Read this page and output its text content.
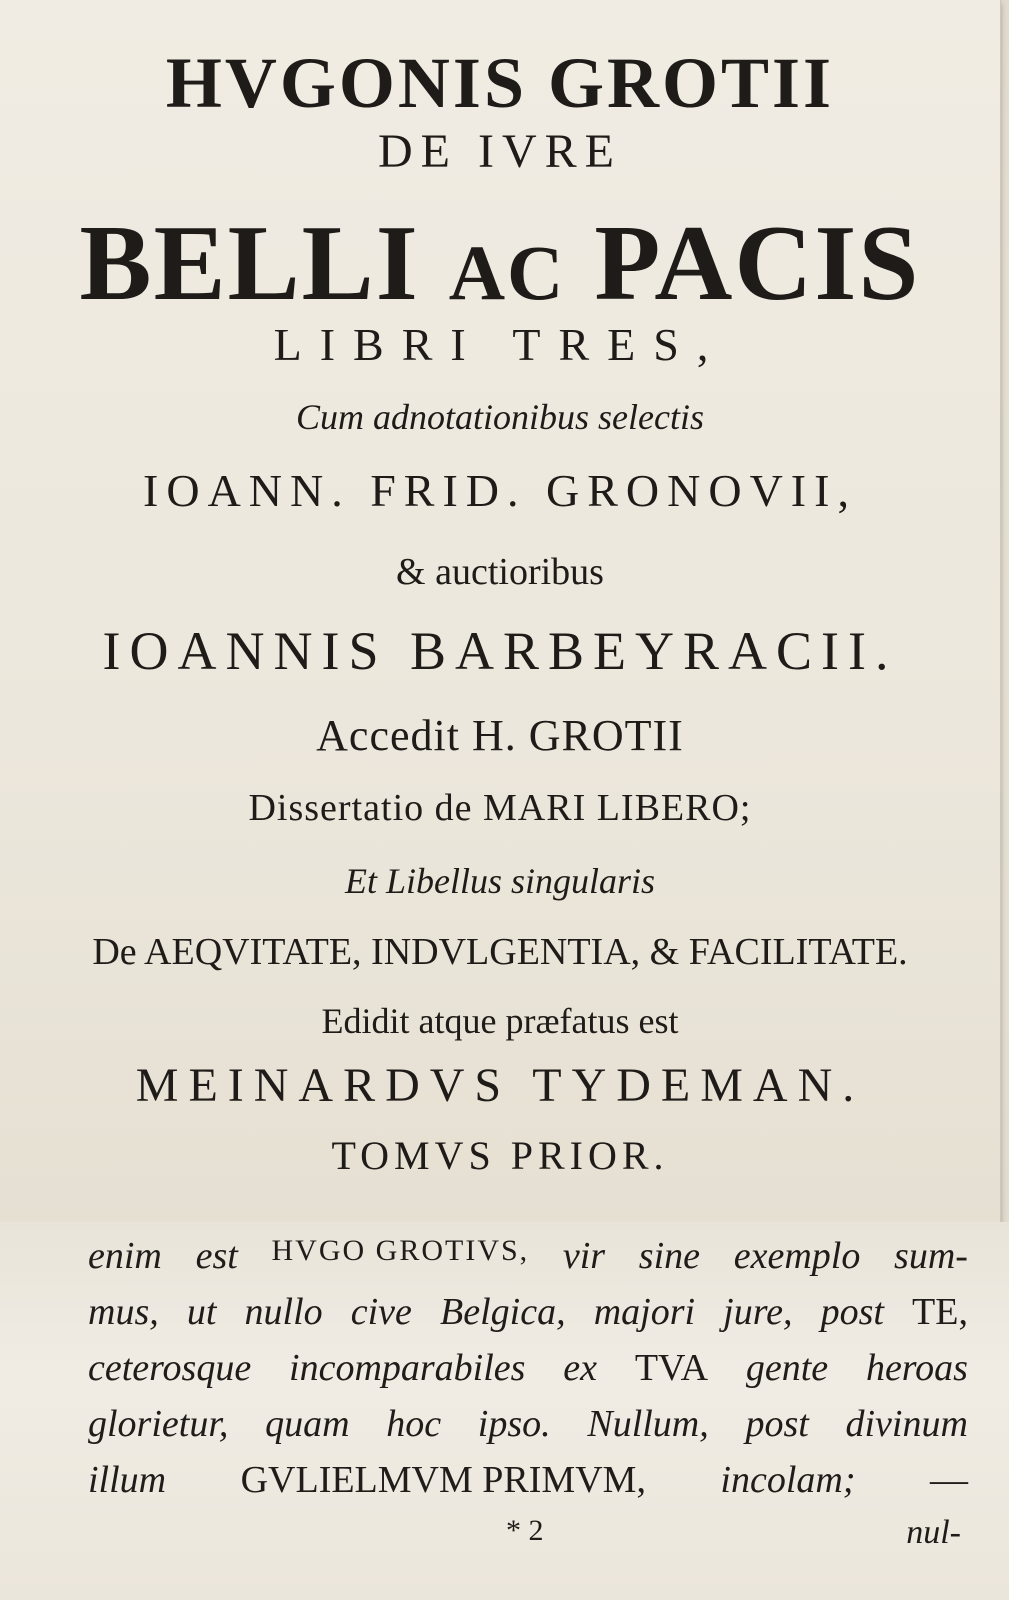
HVGONIS GROTII
DE IVRE
BELLI AC PACIS
LIBRI TRES,
Cum adnotationibus selectis
IOANN. FRID. GRONOVII,
& auctioribus
IOANNIS BARBEYRACII.
Accedit H. GROTII
Dissertatio de MARI LIBERO;
Et Libellus singularis
De AEQVITATE, INDVLGENTIA, & FACILITATE.
Edidit atque præfatus est
MEINARDVS TYDEMAN.
TOMVS PRIOR.
enim est HVGO GROTIVS, vir sine exemplo sum-
mus, ut nullo cive Belgica, majori jure, post TE,
ceterosque incomparabiles ex TVA gente heroas
glorietur, quam hoc ipso. Nullum, post divinum
illum GVLIELMVM PRIMVM, incolam; —
* 2	nul-
